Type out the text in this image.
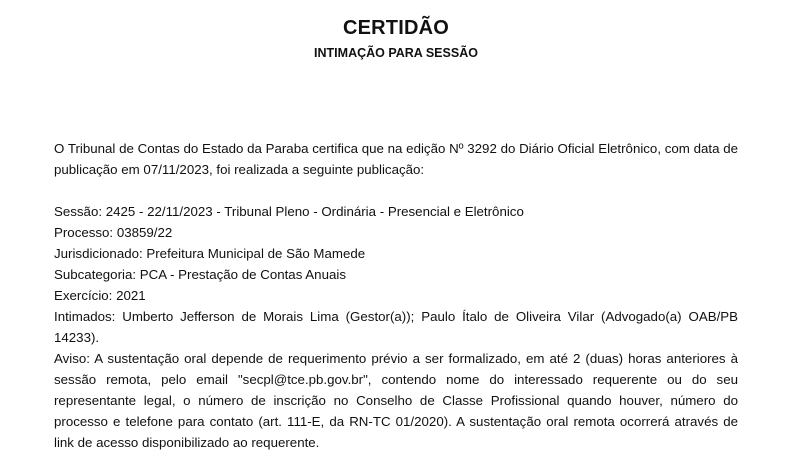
CERTIDÃO
INTIMAÇÃO PARA SESSÃO
O Tribunal de Contas do Estado da Paraba certifica que na edição Nº 3292 do Diário Oficial Eletrônico, com data de publicação em 07/11/2023, foi realizada a seguinte publicação:
Sessão: 2425 - 22/11/2023 - Tribunal Pleno - Ordinária - Presencial e Eletrônico
Processo: 03859/22
Jurisdicionado: Prefeitura Municipal de São Mamede
Subcategoria: PCA - Prestação de Contas Anuais
Exercício: 2021
Intimados: Umberto Jefferson de Morais Lima (Gestor(a)); Paulo Ítalo de Oliveira Vilar (Advogado(a) OAB/PB 14233).
Aviso: A sustentação oral depende de requerimento prévio a ser formalizado, em até 2 (duas) horas anteriores à sessão remota, pelo email "secpl@tce.pb.gov.br", contendo nome do interessado requerente ou do seu representante legal, o número de inscrição no Conselho de Classe Profissional quando houver, número do processo e telefone para contato (art. 111-E, da RN-TC 01/2020). A sustentação oral remota ocorrerá através de link de acesso disponibilizado ao requerente.
